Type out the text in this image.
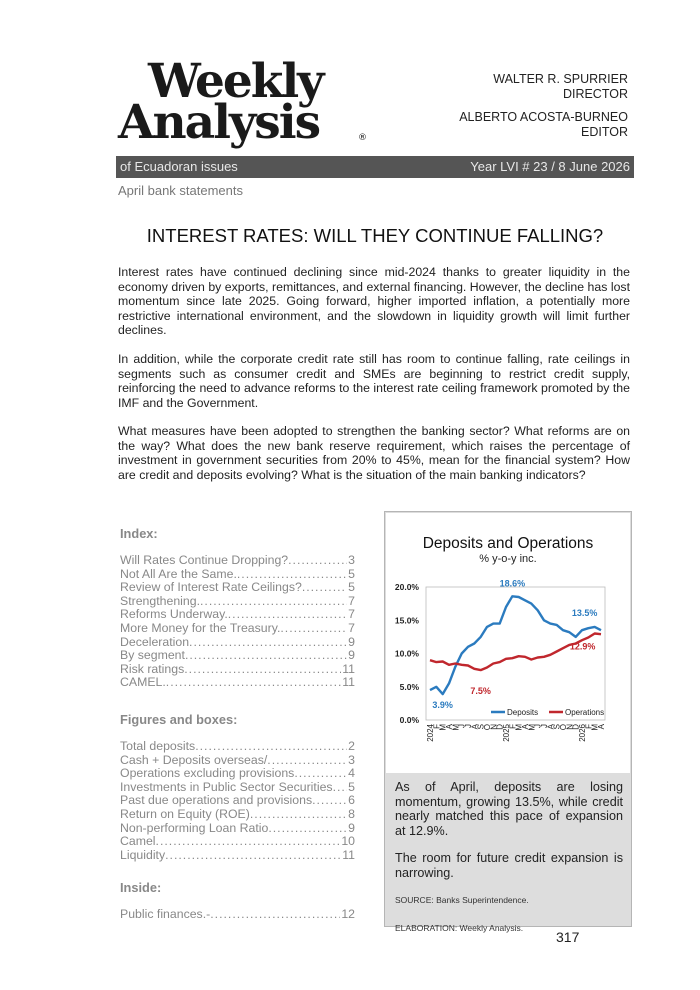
Weekly
Analysis	®
WALTER R. SPURRIER
DIRECTOR
ALBERTO ACOSTA-BURNEO
EDITOR
of Ecuadoran issues	Year LVI # 23 / 8 June 2026
April bank statements
INTEREST RATES: WILL THEY CONTINUE FALLING?
Interest rates have continued declining since mid-2024 thanks to greater liquidity in the economy driven by exports, remittances, and external financing. However, the decline has lost momentum since late 2025. Going forward, higher imported inflation, a potentially more restrictive international environment, and the slowdown in liquidity growth will limit further declines.
In addition, while the corporate credit rate still has room to continue falling, rate ceilings in segments such as consumer credit and SMEs are beginning to restrict credit supply, reinforcing the need to advance reforms to the interest rate ceiling framework promoted by the IMF and the Government.
What measures have been adopted to strengthen the banking sector? What reforms are on the way? What does the new bank reserve requirement, which raises the percentage of investment in government securities from 20% to 45%, mean for the financial system? How are credit and deposits evolving? What is the situation of the main banking indicators?
Index:
Will Rates Continue Dropping? .....	3
Not All Are the Same. .....	5
Review of Interest Rate Ceilings? .....	5
Strengthening. .....	7
Reforms Underway. .....	7
More Money for the Treasury. .....	7
Deceleration .....	9
By segment .....	9
Risk ratings .....	11
CAMEL. .....	11
Figures and boxes:
Total deposits .....	2
Cash + Deposits overseas/ .....	3
Operations excluding provisions .....	4
Investments in Public Sector Securities ..... 5
Past due operations and provisions .....	6
Return on Equity (ROE) .....	8
Non-performing Loan Ratio .....	9
Camel .....	10
Liquidity .....	11
Inside:
Public finances.- .....	12
Deposits and Operations
% y-o-y inc.
0.0%
5.0%
10.0%
15.0%
20.0%
2024
F
M
A
M
J
J
A
S
O
N
D
2025
F
M
A
M
J
J
A
S
O
N
D
2026
F
M
A
18.6%
13.5%
3.9%
7.5%
12.9%
Deposits	Operations

As of April, deposits are losing momentum, growing 13.5%, while credit nearly matched this pace of expansion at 12.9%.

The room for future credit expansion is narrowing.

SOURCE: Banks Superintendence.

ELABORATION: Weekly Analysis.

317
